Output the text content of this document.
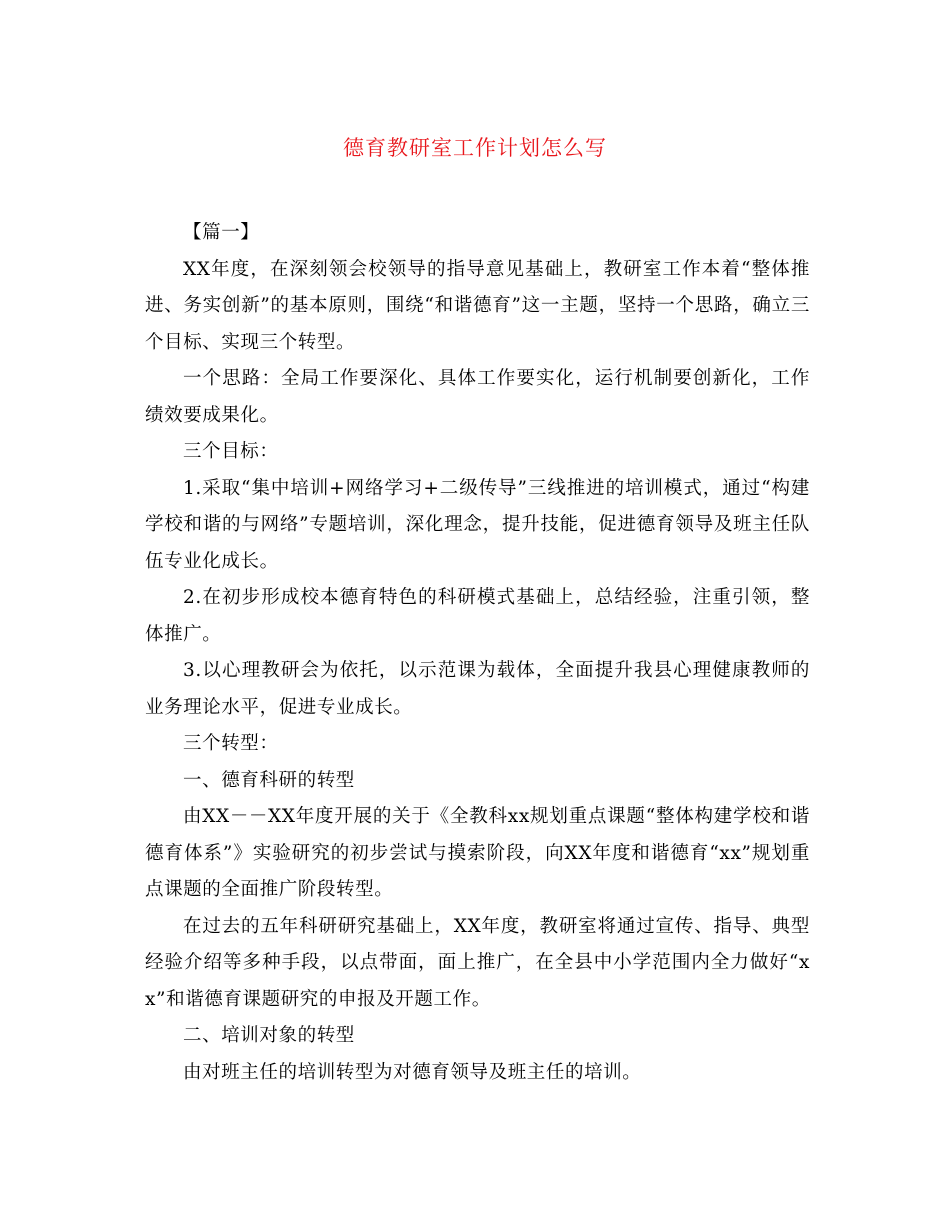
德育教研室工作计划怎么写

【篇一】

XX年度，在深刻领会校领导的指导意见基础上，教研室工作本着“整体推进、务实创新”的基本原则，围绕“和谐德育”这一主题，坚持一个思路，确立三个目标、实现三个转型。

一个思路：全局工作要深化、具体工作要实化，运行机制要创新化，工作绩效要成果化。

三个目标：

1.采取“集中培训+网络学习+二级传导”三线推进的培训模式，通过“构建学校和谐的与网络”专题培训，深化理念，提升技能，促进德育领导及班主任队伍专业化成长。

2.在初步形成校本德育特色的科研模式基础上，总结经验，注重引领，整体推广。

3.以心理教研会为依托，以示范课为载体，全面提升我县心理健康教师的业务理论水平，促进专业成长。

三个转型：

一、德育科研的转型

由XX－－XX年度开展的关于《全教科xx规划重点课题“整体构建学校和谐德育体系”》实验研究的初步尝试与摸索阶段，向XX年度和谐德育“xx”规划重点课题的全面推广阶段转型。

在过去的五年科研研究基础上，XX年度，教研室将通过宣传、指导、典型经验介绍等多种手段，以点带面，面上推广，在全县中小学范围内全力做好“xx”和谐德育课题研究的申报及开题工作。

二、培训对象的转型

由对班主任的培训转型为对德育领导及班主任的培训。
